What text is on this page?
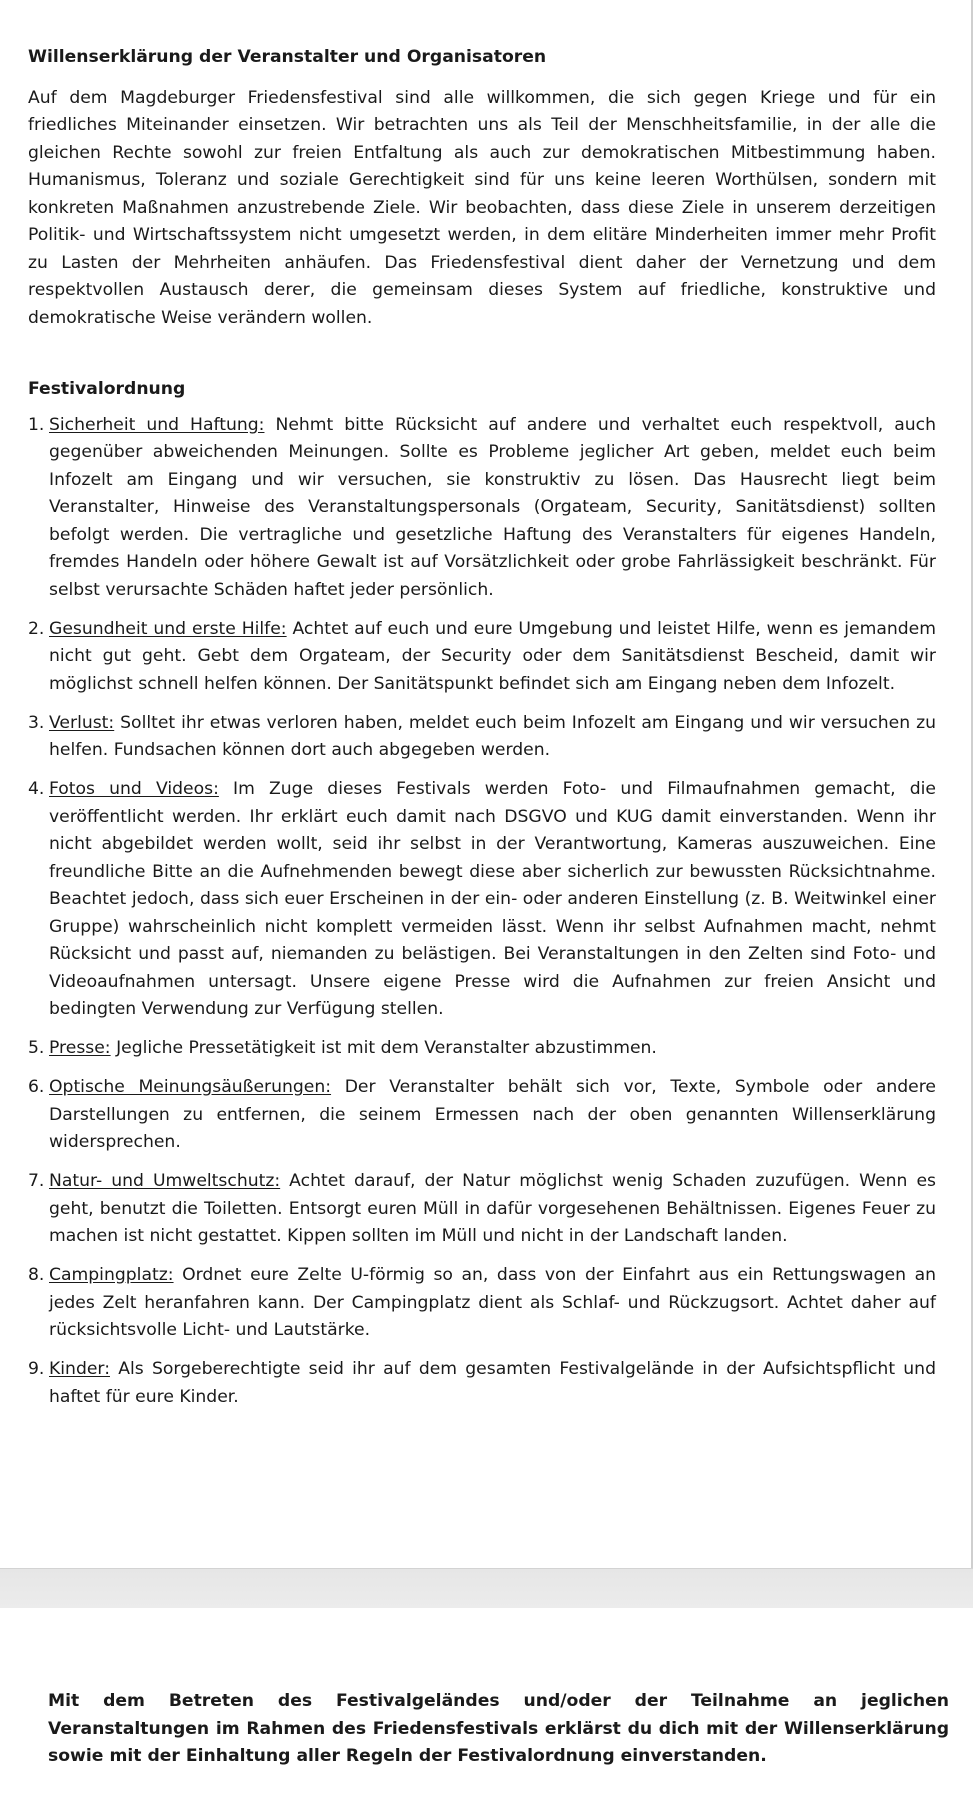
Willenserklärung der Veranstalter und Organisatoren

Auf dem Magdeburger Friedensfestival sind alle willkommen, die sich gegen Kriege und für ein friedliches Miteinander einsetzen. Wir betrachten uns als Teil der Menschheitsfamilie, in der alle die gleichen Rechte sowohl zur freien Entfaltung als auch zur demokratischen Mitbestimmung haben. Humanismus, Toleranz und soziale Gerechtigkeit sind für uns keine leeren Worthülsen, sondern mit konkreten Maßnahmen anzustrebende Ziele. Wir beobachten, dass diese Ziele in unserem derzeitigen Politik- und Wirtschaftssystem nicht umgesetzt werden, in dem elitäre Minderheiten immer mehr Profit zu Lasten der Mehrheiten anhäufen. Das Friedensfestival dient daher der Vernetzung und dem respektvollen Austausch derer, die gemeinsam dieses System auf friedliche, konstruktive und demokratische Weise verändern wollen.

Festivalordnung
1. Sicherheit und Haftung: Nehmt bitte Rücksicht auf andere und verhaltet euch respektvoll, auch gegenüber abweichenden Meinungen. Sollte es Probleme jeglicher Art geben, meldet euch beim Infozelt am Eingang und wir versuchen, sie konstruktiv zu lösen. Das Hausrecht liegt beim Veranstalter, Hinweise des Veranstaltungspersonals (Orgateam, Security, Sanitätsdienst) sollten befolgt werden. Die vertragliche und gesetzliche Haftung des Veranstalters für eigenes Handeln, fremdes Handeln oder höhere Gewalt ist auf Vorsätzlichkeit oder grobe Fahrlässigkeit beschränkt. Für selbst verursachte Schäden haftet jeder persönlich.
2. Gesundheit und erste Hilfe: Achtet auf euch und eure Umgebung und leistet Hilfe, wenn es jemandem nicht gut geht. Gebt dem Orgateam, der Security oder dem Sanitätsdienst Bescheid, damit wir möglichst schnell helfen können. Der Sanitätspunkt befindet sich am Eingang neben dem Infozelt.
3. Verlust: Solltet ihr etwas verloren haben, meldet euch beim Infozelt am Eingang und wir versuchen zu helfen. Fundsachen können dort auch abgegeben werden.
4. Fotos und Videos: Im Zuge dieses Festivals werden Foto- und Filmaufnahmen gemacht, die veröffentlicht werden. Ihr erklärt euch damit nach DSGVO und KUG damit einverstanden. Wenn ihr nicht abgebildet werden wollt, seid ihr selbst in der Verantwortung, Kameras auszuweichen. Eine freundliche Bitte an die Aufnehmenden bewegt diese aber sicherlich zur bewussten Rücksichtnahme. Beachtet jedoch, dass sich euer Erscheinen in der ein- oder anderen Einstellung (z. B. Weitwinkel einer Gruppe) wahrscheinlich nicht komplett vermeiden lässt. Wenn ihr selbst Aufnahmen macht, nehmt Rücksicht und passt auf, niemanden zu belästigen. Bei Veranstaltungen in den Zelten sind Foto- und Videoaufnahmen untersagt. Unsere eigene Presse wird die Aufnahmen zur freien Ansicht und bedingten Verwendung zur Verfügung stellen.
5. Presse: Jegliche Pressetätigkeit ist mit dem Veranstalter abzustimmen.
6. Optische Meinungsäußerungen: Der Veranstalter behält sich vor, Texte, Symbole oder andere Darstellungen zu entfernen, die seinem Ermessen nach der oben genannten Willenserklärung widersprechen.
7. Natur- und Umweltschutz: Achtet darauf, der Natur möglichst wenig Schaden zuzufügen. Wenn es geht, benutzt die Toiletten. Entsorgt euren Müll in dafür vorgesehenen Behältnissen. Eigenes Feuer zu machen ist nicht gestattet. Kippen sollten im Müll und nicht in der Landschaft landen.
8. Campingplatz: Ordnet eure Zelte U-förmig so an, dass von der Einfahrt aus ein Rettungswagen an jedes Zelt heranfahren kann. Der Campingplatz dient als Schlaf- und Rückzugsort. Achtet daher auf rücksichtsvolle Licht- und Lautstärke.
9. Kinder: Als Sorgeberechtigte seid ihr auf dem gesamten Festivalgelände in der Aufsichtspflicht und haftet für eure Kinder.

Mit dem Betreten des Festivalgeländes und/oder der Teilnahme an jeglichen Veranstaltungen im Rahmen des Friedensfestivals erklärst du dich mit der Willenserklärung sowie mit der Einhaltung aller Regeln der Festivalordnung einverstanden.
